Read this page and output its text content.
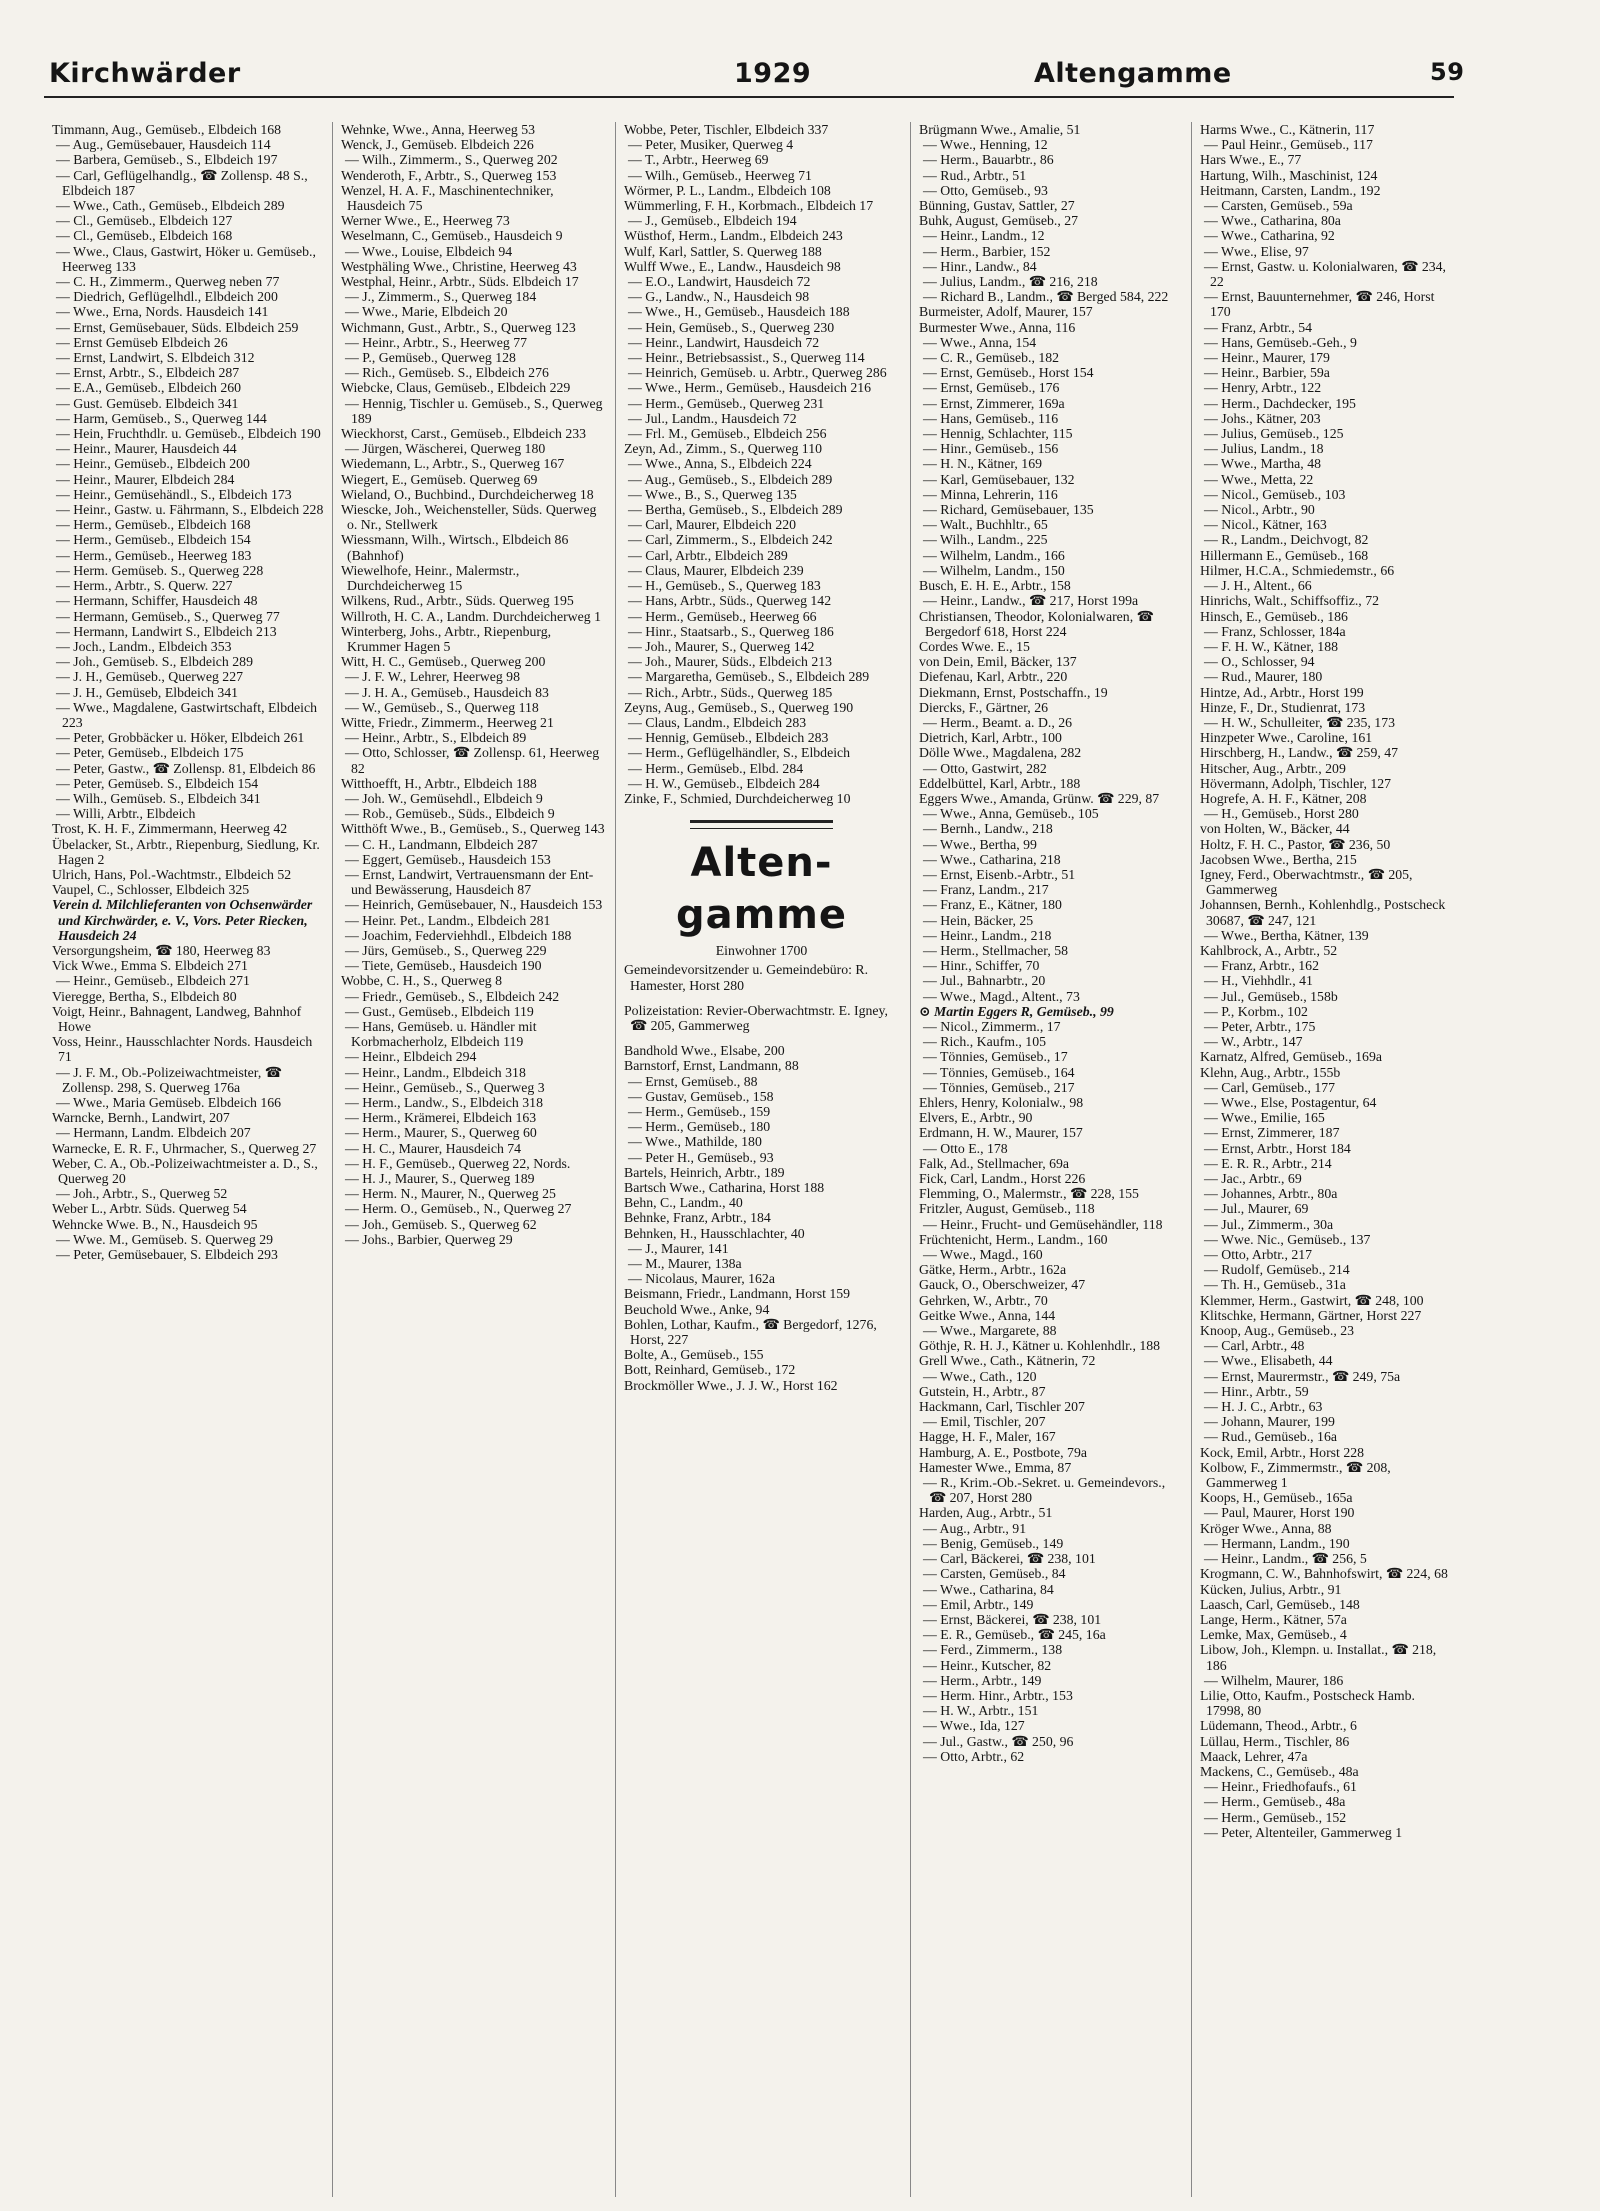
Kirchwärder	1929	Altengamme	59
Timmann, Aug., Gemüseb., Elbdeich 168
— Aug., Gemüsebauer, Hausdeich 114
— Barbera, Gemüseb., S., Elbdeich 197
— Carl, Geflügelhandlg., ☎ Zollensp. 48 S., Elbdeich 187
— Wwe., Cath., Gemüseb., Elbdeich 289
— Cl., Gemüseb., Elbdeich 127
— Cl., Gemüseb., Elbdeich 168
— Wwe., Claus, Gastwirt, Höker u. Gemüseb., Heerweg 133
— C. H., Zimmerm., Querweg neben 77
— Diedrich, Geflügelhdl., Elbdeich 200
— Wwe., Erna, Nords. Hausdeich 141
— Ernst, Gemüsebauer, Süds. Elbdeich 259
— Ernst Gemüseb Elbdeich 26
— Ernst, Landwirt, S. Elbdeich 312
— Ernst, Arbtr., S., Elbdeich 287
— E.A., Gemüseb., Elbdeich 260
— Gust. Gemüseb. Elbdeich 341
— Harm, Gemüseb., S., Querweg 144
— Hein, Fruchthdlr. u. Gemüseb., Elbdeich 190
— Heinr., Maurer, Hausdeich 44
— Heinr., Gemüseb., Elbdeich 200
— Heinr., Maurer, Elbdeich 284
— Heinr., Gemüsehändl., S., Elbdeich 173
— Heinr., Gastw. u. Fährmann, S., Elbdeich 228
— Herm., Gemüseb., Elbdeich 168
— Herm., Gemüseb., Elbdeich 154
— Herm., Gemüseb., Heerweg 183
— Herm. Gemüseb. S., Querweg 228
— Herm., Arbtr., S. Querw. 227
— Hermann, Schiffer, Hausdeich 48
— Hermann, Gemüseb., S., Querweg 77
— Hermann, Landwirt S., Elbdeich 213
— Joch., Landm., Elbdeich 353
— Joh., Gemüseb. S., Elbdeich 289
— J. H., Gemüseb., Querweg 227
— J. H., Gemüseb, Elbdeich 341
— Wwe., Magdalene, Gastwirtschaft, Elbdeich 223
— Peter, Grobbäcker u. Höker, Elbdeich 261
— Peter, Gemüseb., Elbdeich 175
— Peter, Gastw., ☎ Zollensp. 81, Elbdeich 86
— Peter, Gemüseb. S., Elbdeich 154
— Wilh., Gemüseb. S., Elbdeich 341
— Willi, Arbtr., Elbdeich
Trost, K. H. F., Zimmermann, Heerweg 42
Übelacker, St., Arbtr., Riepenburg, Siedlung, Kr. Hagen 2
Ulrich, Hans, Pol.-Wachtmstr., Elbdeich 52
Vaupel, C., Schlosser, Elbdeich 325
Verein d. Milchlieferanten von Ochsenwärder und Kirchwärder, e. V., Vors. Peter Riecken, Hausdeich 24
Versorgungsheim, ☎ 180, Heerweg 83
Vick Wwe., Emma S. Elbdeich 271
— Heinr., Gemüseb., Elbdeich 271
Vieregge, Bertha, S., Elbdeich 80
Voigt, Heinr., Bahnagent, Landweg, Bahnhof Howe
Voss, Heinr., Hausschlachter Nords. Hausdeich 71
— J. F. M., Ob.-Polizeiwachtmeister, ☎ Zollensp. 298, S. Querweg 176a
— Wwe., Maria Gemüseb. Elbdeich 166
Warncke, Bernh., Landwirt, 207
— Hermann, Landm. Elbdeich 207
Warnecke, E. R. F., Uhrmacher, S., Querweg 27
Weber, C. A., Ob.-Polizeiwachtmeister a. D., S., Querweg 20
— Joh., Arbtr., S., Querweg 52
Weber L., Arbtr. Süds. Querweg 54
Wehncke Wwe. B., N., Hausdeich 95
— Wwe. M., Gemüseb. S. Querweg 29
— Peter, Gemüsebauer, S. Elbdeich 293
Wehnke, Wwe., Anna, Heerweg 53
Wenck, J., Gemüseb. Elbdeich 226
— Wilh., Zimmerm., S., Querweg 202
Wenderoth, F., Arbtr., S., Querweg 153
Wenzel, H. A. F., Maschinentechniker, Hausdeich 75
Werner Wwe., E., Heerweg 73
Weselmann, C., Gemüseb., Hausdeich 9
— Wwe., Louise, Elbdeich 94
Westphäling Wwe., Christine, Heerweg 43
Westphal, Heinr., Arbtr., Süds. Elbdeich 17
— J., Zimmerm., S., Querweg 184
— Wwe., Marie, Elbdeich 20
Wichmann, Gust., Arbtr., S., Querweg 123
— Heinr., Arbtr., S., Heerweg 77
— P., Gemüseb., Querweg 128
— Rich., Gemüseb. S., Elbdeich 276
Wiebcke, Claus, Gemüseb., Elbdeich 229
— Hennig, Tischler u. Gemüseb., S., Querweg 189
Wieckhorst, Carst., Gemüseb., Elbdeich 233
— Jürgen, Wäscherei, Querweg 180
Wiedemann, L., Arbtr., S., Querweg 167
Wiegert, E., Gemüseb. Querweg 69
Wieland, O., Buchbind., Durchdeicherweg 18
Wiescke, Joh., Weichensteller, Süds. Querweg o. Nr., Stellwerk
Wiessmann, Wilh., Wirtsch., Elbdeich 86 (Bahnhof)
Wiewelhofe, Heinr., Malermstr., Durchdeicherweg 15
Wilkens, Rud., Arbtr., Süds. Querweg 195
Willroth, H. C. A., Landm. Durchdeicherweg 1
Winterberg, Johs., Arbtr., Riepenburg, Krummer Hagen 5
Witt, H. C., Gemüseb., Querweg 200
— J. F. W., Lehrer, Heerweg 98
— J. H. A., Gemüseb., Hausdeich 83
— W., Gemüseb., S., Querweg 118
Witte, Friedr., Zimmerm., Heerweg 21
— Heinr., Arbtr., S., Elbdeich 89
— Otto, Schlosser, ☎ Zollensp. 61, Heerweg 82
Witthoefft, H., Arbtr., Elbdeich 188
— Joh. W., Gemüsehdl., Elbdeich 9
— Rob., Gemüseb., Süds., Elbdeich 9
Witthöft Wwe., B., Gemüseb., S., Querweg 143
— C. H., Landmann, Elbdeich 287
— Eggert, Gemüseb., Hausdeich 153
— Ernst, Landwirt, Vertrauensmann der Ent- und Bewässerung, Hausdeich 87
— Heinrich, Gemüsebauer, N., Hausdeich 153
— Heinr. Pet., Landm., Elbdeich 281
— Joachim, Federviehhdl., Elbdeich 188
— Jürs, Gemüseb., S., Querweg 229
— Tiete, Gemüseb., Hausdeich 190
Wobbe, C. H., S., Querweg 8
— Friedr., Gemüseb., S., Elbdeich 242
— Gust., Gemüseb., Elbdeich 119
— Hans, Gemüseb. u. Händler mit Korbmacherholz, Elbdeich 119
— Heinr., Elbdeich 294
— Heinr., Landm., Elbdeich 318
— Heinr., Gemüseb., S., Querweg 3
— Herm., Landw., S., Elbdeich 318
— Herm., Krämerei, Elbdeich 163
— Herm., Maurer, S., Querweg 60
— H. C., Maurer, Hausdeich 74
— H. F., Gemüseb., Querweg 22, Nords.
— H. J., Maurer, S., Querweg 189
— Herm. N., Maurer, N., Querweg 25
— Herm. O., Gemüseb., N., Querweg 27
— Joh., Gemüseb. S., Querweg 62
— Johs., Barbier, Querweg 29
Wobbe, Peter, Tischler, Elbdeich 337
— Peter, Musiker, Querweg 4
— T., Arbtr., Heerweg 69
— Wilh., Gemüseb., Heerweg 71
Wörmer, P. L., Landm., Elbdeich 108
Wümmerling, F. H., Korbmach., Elbdeich 17
— J., Gemüseb., Elbdeich 194
Wüsthof, Herm., Landm., Elbdeich 243
Wulf, Karl, Sattler, S. Querweg 188
Wulff Wwe., E., Landw., Hausdeich 98
— E.O., Landwirt, Hausdeich 72
— G., Landw., N., Hausdeich 98
— Wwe., H., Gemüseb., Hausdeich 188
— Hein, Gemüseb., S., Querweg 230
— Heinr., Landwirt, Hausdeich 72
— Heinr., Betriebsassist., S., Querweg 114
— Heinrich, Gemüseb. u. Arbtr., Querweg 286
— Wwe., Herm., Gemüseb., Hausdeich 216
— Herm., Gemüseb., Querweg 231
— Jul., Landm., Hausdeich 72
— Frl. M., Gemüseb., Elbdeich 256
Zeyn, Ad., Zimm., S., Querweg 110
— Wwe., Anna, S., Elbdeich 224
— Aug., Gemüseb., S., Elbdeich 289
— Wwe., B., S., Querweg 135
— Bertha, Gemüseb., S., Elbdeich 289
— Carl, Maurer, Elbdeich 220
— Carl, Zimmerm., S., Elbdeich 242
— Carl, Arbtr., Elbdeich 289
— Claus, Maurer, Elbdeich 239
— H., Gemüseb., S., Querweg 183
— Hans, Arbtr., Süds., Querweg 142
— Herm., Gemüseb., Heerweg 66
— Hinr., Staatsarb., S., Querweg 186
— Joh., Maurer, S., Querweg 142
— Joh., Maurer, Süds., Elbdeich 213
— Margaretha, Gemüseb., S., Elbdeich 289
— Rich., Arbtr., Süds., Querweg 185
Zeyns, Aug., Gemüseb., S., Querweg 190
— Claus, Landm., Elbdeich 283
— Hennig, Gemüseb., Elbdeich 283
— Herm., Geflügelhändler, S., Elbdeich
— Herm., Gemüseb., Elbd. 284
— H. W., Gemüseb., Elbdeich 284
Zinke, F., Schmied, Durchdeicherweg 10
Alten-
gamme
Einwohner 1700
Gemeindevorsitzender u. Gemeindebüro: R. Hamester, Horst 280
Polizeistation: Revier-Oberwachtmstr. E. Igney, ☎ 205, Gammerweg
Bandhold Wwe., Elsabe, 200
Barnstorf, Ernst, Landmann, 88
— Ernst, Gemüseb., 88
— Gustav, Gemüseb., 158
— Herm., Gemüseb., 159
— Herm., Gemüseb., 180
— Wwe., Mathilde, 180
— Peter H., Gemüseb., 93
Bartels, Heinrich, Arbtr., 189
Bartsch Wwe., Catharina, Horst 188
Behn, C., Landm., 40
Behnke, Franz, Arbtr., 184
Behnken, H., Hausschlachter, 40
— J., Maurer, 141
— M., Maurer, 138a
— Nicolaus, Maurer, 162a
Beismann, Friedr., Landmann, Horst 159
Beuchold Wwe., Anke, 94
Bohlen, Lothar, Kaufm., ☎ Bergedorf, 1276, Horst, 227
Bolte, A., Gemüseb., 155
Bott, Reinhard, Gemüseb., 172
Brockmöller Wwe., J. J. W., Horst 162
Brügmann Wwe., Amalie, 51
— Wwe., Henning, 12
— Herm., Bauarbtr., 86
— Rud., Arbtr., 51
— Otto, Gemüseb., 93
Bünning, Gustav, Sattler, 27
Buhk, August, Gemüseb., 27
— Heinr., Landm., 12
— Herm., Barbier, 152
— Hinr., Landw., 84
— Julius, Landm., ☎ 216, 218
— Richard B., Landm., ☎ Berged 584, 222
Burmeister, Adolf, Maurer, 157
Burmester Wwe., Anna, 116
— Wwe., Anna, 154
— C. R., Gemüseb., 182
— Ernst, Gemüseb., Horst 154
— Ernst, Gemüseb., 176
— Ernst, Zimmerer, 169a
— Hans, Gemüseb., 116
— Hennig, Schlachter, 115
— Hinr., Gemüseb., 156
— H. N., Kätner, 169
— Karl, Gemüsebauer, 132
— Minna, Lehrerin, 116
— Richard, Gemüsebauer, 135
— Walt., Buchhltr., 65
— Wilh., Landm., 225
— Wilhelm, Landm., 166
— Wilhelm, Landm., 150
Busch, E. H. E., Arbtr., 158
— Heinr., Landw., ☎ 217, Horst 199a
Christiansen, Theodor, Kolonialwaren, ☎ Bergedorf 618, Horst 224
Cordes Wwe. E., 15
von Dein, Emil, Bäcker, 137
Diefenau, Karl, Arbtr., 220
Diekmann, Ernst, Postschaffn., 19
Diercks, F., Gärtner, 26
— Herm., Beamt. a. D., 26
Dietrich, Karl, Arbtr., 100
Dölle Wwe., Magdalena, 282
— Otto, Gastwirt, 282
Eddelbüttel, Karl, Arbtr., 188
Eggers Wwe., Amanda, Grünw. ☎ 229, 87
— Wwe., Anna, Gemüseb., 105
— Bernh., Landw., 218
— Wwe., Bertha, 99
— Wwe., Catharina, 218
— Ernst, Eisenb.-Arbtr., 51
— Franz, Landm., 217
— Franz, E., Kätner, 180
— Hein, Bäcker, 25
— Heinr., Landm., 218
— Herm., Stellmacher, 58
— Hinr., Schiffer, 70
— Jul., Bahnarbtr., 20
— Wwe., Magd., Altent., 73
⊙ Martin Eggers R, Gemüseb., 99
— Nicol., Zimmerm., 17
— Rich., Kaufm., 105
— Tönnies, Gemüseb., 17
— Tönnies, Gemüseb., 164
— Tönnies, Gemüseb., 217
Ehlers, Henry, Kolonialw., 98
Elvers, E., Arbtr., 90
Erdmann, H. W., Maurer, 157
— Otto E., 178
Falk, Ad., Stellmacher, 69a
Fick, Carl, Landm., Horst 226
Flemming, O., Malermstr., ☎ 228, 155
Fritzler, August, Gemüseb., 118
— Heinr., Frucht- und Gemüsehändler, 118
Früchtenicht, Herm., Landm., 160
— Wwe., Magd., 160
Gätke, Herm., Arbtr., 162a
Gauck, O., Oberschweizer, 47
Gehrken, W., Arbtr., 70
Geitke Wwe., Anna, 144
— Wwe., Margarete, 88
Göthje, R. H. J., Kätner u. Kohlenhdlr., 188
Grell Wwe., Cath., Kätnerin, 72
— Wwe., Cath., 120
Gutstein, H., Arbtr., 87
Hackmann, Carl, Tischler 207
— Emil, Tischler, 207
Hagge, H. F., Maler, 167
Hamburg, A. E., Postbote, 79a
Hamester Wwe., Emma, 87
— R., Krim.-Ob.-Sekret. u. Gemeindevors., ☎ 207, Horst 280
Harden, Aug., Arbtr., 51
— Aug., Arbtr., 91
— Benig, Gemüseb., 149
— Carl, Bäckerei, ☎ 238, 101
— Carsten, Gemüseb., 84
— Wwe., Catharina, 84
— Emil, Arbtr., 149
— Ernst, Bäckerei, ☎ 238, 101
— E. R., Gemüseb., ☎ 245, 16a
— Ferd., Zimmerm., 138
— Heinr., Kutscher, 82
— Herm., Arbtr., 149
— Herm. Hinr., Arbtr., 153
— H. W., Arbtr., 151
— Wwe., Ida, 127
— Jul., Gastw., ☎ 250, 96
— Otto, Arbtr., 62
Harms Wwe., C., Kätnerin, 117
— Paul Heinr., Gemüseb., 117
Hars Wwe., E., 77
Hartung, Wilh., Maschinist, 124
Heitmann, Carsten, Landm., 192
— Carsten, Gemüseb., 59a
— Wwe., Catharina, 80a
— Wwe., Catharina, 92
— Wwe., Elise, 97
— Ernst, Gastw. u. Kolonialwaren, ☎ 234, 22
— Ernst, Bauunternehmer, ☎ 246, Horst 170
— Franz, Arbtr., 54
— Hans, Gemüseb.-Geh., 9
— Heinr., Maurer, 179
— Heinr., Barbier, 59a
— Henry, Arbtr., 122
— Herm., Dachdecker, 195
— Johs., Kätner, 203
— Julius, Gemüseb., 125
— Julius, Landm., 18
— Wwe., Martha, 48
— Wwe., Metta, 22
— Nicol., Gemüseb., 103
— Nicol., Arbtr., 90
— Nicol., Kätner, 163
— R., Landm., Deichvogt, 82
Hillermann E., Gemüseb., 168
Hilmer, H.C.A., Schmiedemstr., 66
— J. H., Altent., 66
Hinrichs, Walt., Schiffsoffiz., 72
Hinsch, E., Gemüseb., 186
— Franz, Schlosser, 184a
— F. H. W., Kätner, 188
— O., Schlosser, 94
— Rud., Maurer, 180
Hintze, Ad., Arbtr., Horst 199
Hinze, F., Dr., Studienrat, 173
— H. W., Schulleiter, ☎ 235, 173
Hinzpeter Wwe., Caroline, 161
Hirschberg, H., Landw., ☎ 259, 47
Hitscher, Aug., Arbtr., 209
Hövermann, Adolph, Tischler, 127
Hogrefe, A. H. F., Kätner, 208
— H., Gemüseb., Horst 280
von Holten, W., Bäcker, 44
Holtz, F. H. C., Pastor, ☎ 236, 50
Jacobsen Wwe., Bertha, 215
Igney, Ferd., Oberwachtmstr., ☎ 205, Gammerweg
Johannsen, Bernh., Kohlenhdlg., Postscheck 30687, ☎ 247, 121
— Wwe., Bertha, Kätner, 139
Kahlbrock, A., Arbtr., 52
— Franz, Arbtr., 162
— H., Viehhdlr., 41
— Jul., Gemüseb., 158b
— P., Korbm., 102
— Peter, Arbtr., 175
— W., Arbtr., 147
Karnatz, Alfred, Gemüseb., 169a
Klehn, Aug., Arbtr., 155b
— Carl, Gemüseb., 177
— Wwe., Else, Postagentur, 64
— Wwe., Emilie, 165
— Ernst, Zimmerer, 187
— Ernst, Arbtr., Horst 184
— E. R. R., Arbtr., 214
— Jac., Arbtr., 69
— Johannes, Arbtr., 80a
— Jul., Maurer, 69
— Jul., Zimmerm., 30a
— Wwe. Nic., Gemüseb., 137
— Otto, Arbtr., 217
— Rudolf, Gemüseb., 214
— Th. H., Gemüseb., 31a
Klemmer, Herm., Gastwirt, ☎ 248, 100
Klitschke, Hermann, Gärtner, Horst 227
Knoop, Aug., Gemüseb., 23
— Carl, Arbtr., 48
— Wwe., Elisabeth, 44
— Ernst, Maurermstr., ☎ 249, 75a
— Hinr., Arbtr., 59
— H. J. C., Arbtr., 63
— Johann, Maurer, 199
— Rud., Gemüseb., 16a
Kock, Emil, Arbtr., Horst 228
Kolbow, F., Zimmermstr., ☎ 208, Gammerweg 1
Koops, H., Gemüseb., 165a
— Paul, Maurer, Horst 190
Kröger Wwe., Anna, 88
— Hermann, Landm., 190
— Heinr., Landm., ☎ 256, 5
Krogmann, C. W., Bahnhofswirt, ☎ 224, 68
Kücken, Julius, Arbtr., 91
Laasch, Carl, Gemüseb., 148
Lange, Herm., Kätner, 57a
Lemke, Max, Gemüseb., 4
Libow, Joh., Klempn. u. Installat., ☎ 218, 186
— Wilhelm, Maurer, 186
Lilie, Otto, Kaufm., Postscheck Hamb. 17998, 80
Lüdemann, Theod., Arbtr., 6
Lüllau, Herm., Tischler, 86
Maack, Lehrer, 47a
Mackens, C., Gemüseb., 48a
— Heinr., Friedhofaufs., 61
— Herm., Gemüseb., 48a
— Herm., Gemüseb., 152
— Peter, Altenteiler, Gammerweg 1
